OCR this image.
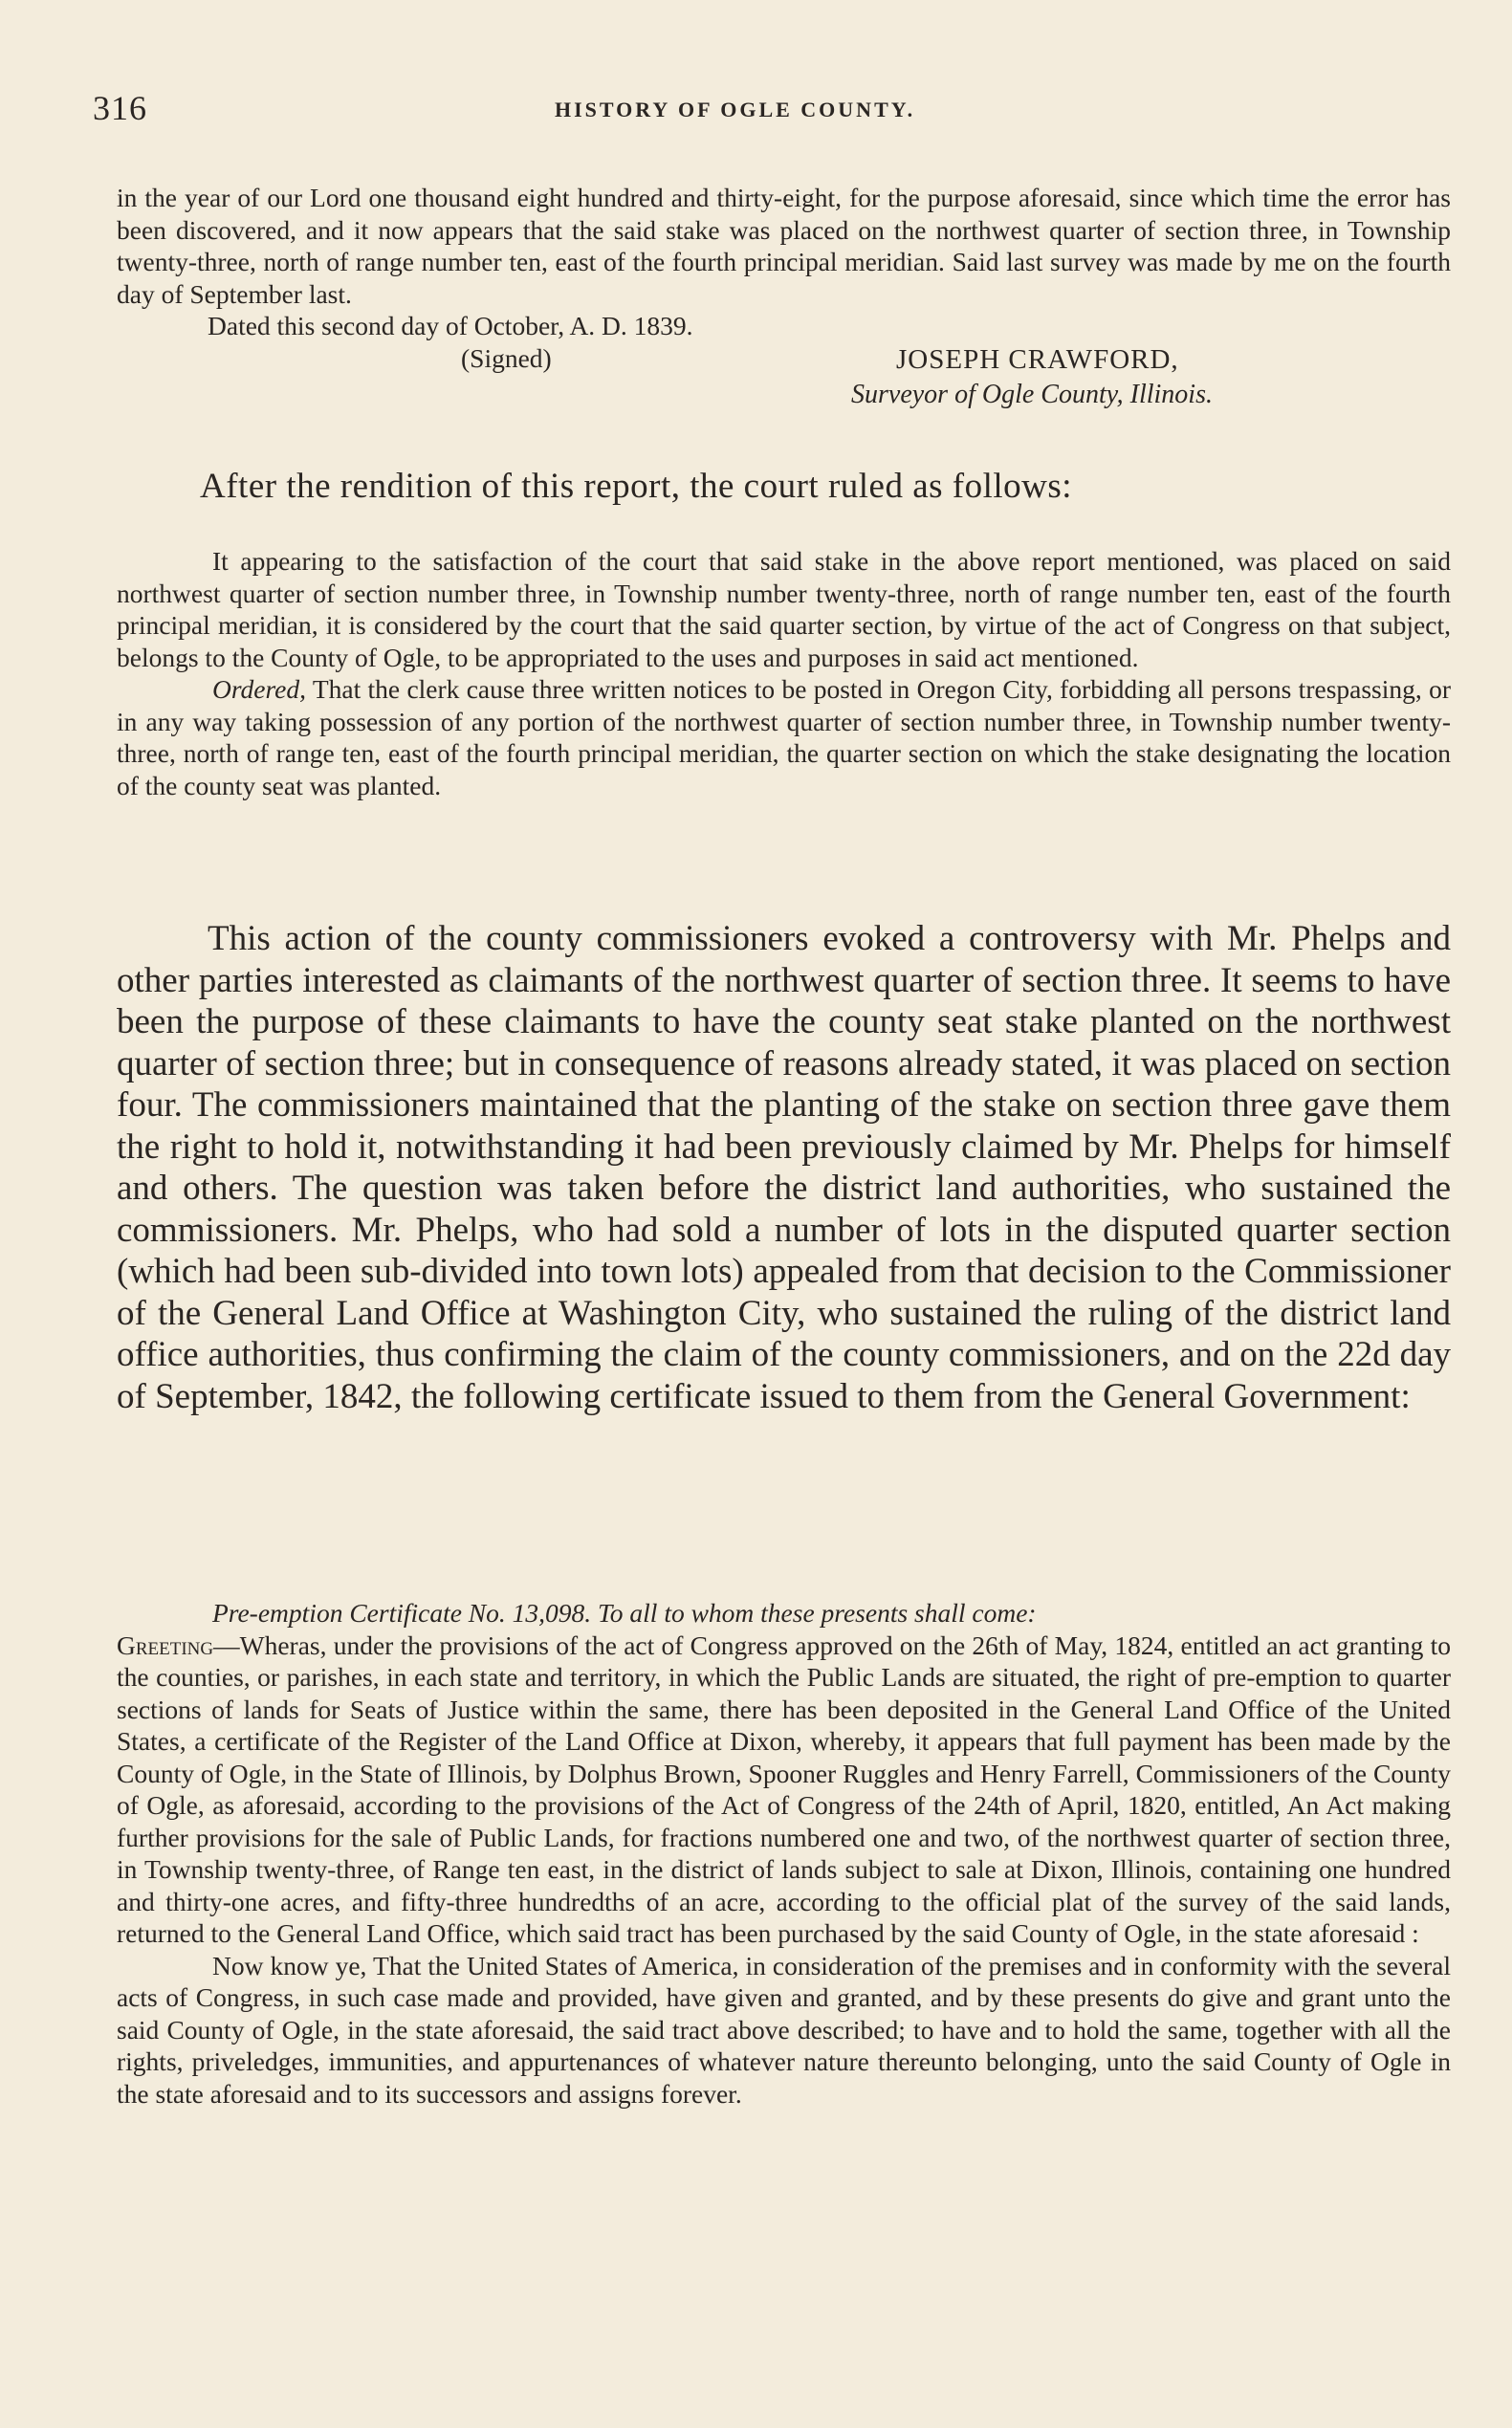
316	HISTORY OF OGLE COUNTY.

in the year of our Lord one thousand eight hundred and thirty-eight, for the purpose aforesaid, since which time the error has been discovered, and it now appears that the said stake was placed on the northwest quarter of section three, in Township twenty-three, north of range number ten, east of the fourth principal meridian. Said last survey was made by me on the fourth day of September last.

Dated this second day of October, A. D. 1839.

(Signed)	JOSEPH CRAWFORD,
Surveyor of Ogle County, Illinois.
After the rendition of this report, the court ruled as follows:

It appearing to the satisfaction of the court that said stake in the above report mentioned, was placed on said northwest quarter of section number three, in Township number twenty-three, north of range number ten, east of the fourth principal meridian, it is considered by the court that the said quarter section, by virtue of the act of Congress on that subject, belongs to the County of Ogle, to be appropriated to the uses and purposes in said act mentioned.

Ordered, That the clerk cause three written notices to be posted in Oregon City, forbidding all persons trespassing, or in any way taking possession of any portion of the northwest quarter of section number three, in Township number twenty-three, north of range ten, east of the fourth principal meridian, the quarter section on which the stake designating the location of the county seat was planted.

This action of the county commissioners evoked a controversy with Mr. Phelps and other parties interested as claimants of the northwest quarter of section three. It seems to have been the purpose of these claimants to have the county seat stake planted on the northwest quarter of section three; but in consequence of reasons already stated, it was placed on section four. The commissioners maintained that the planting of the stake on section three gave them the right to hold it, notwithstanding it had been previously claimed by Mr. Phelps for himself and others. The question was taken before the district land authorities, who sustained the commissioners. Mr. Phelps, who had sold a number of lots in the disputed quarter section (which had been sub-divided into town lots) appealed from that decision to the Commissioner of the General Land Office at Washington City, who sustained the ruling of the district land office authorities, thus confirming the claim of the county commissioners, and on the 22d day of September, 1842, the following certificate issued to them from the General Government:

Pre-emption Certificate No. 13,098. To all to whom these presents shall come:

Greeting—Wheras, under the provisions of the act of Congress approved on the 26th of May, 1824, entitled an act granting to the counties, or parishes, in each state and territory, in which the Public Lands are situated, the right of pre-emption to quarter sections of lands for Seats of Justice within the same, there has been deposited in the General Land Office of the United States, a certificate of the Register of the Land Office at Dixon, whereby, it appears that full payment has been made by the County of Ogle, in the State of Illinois, by Dolphus Brown, Spooner Ruggles and Henry Farrell, Commissioners of the County of Ogle, as aforesaid, according to the provisions of the Act of Congress of the 24th of April, 1820, entitled, An Act making further provisions for the sale of Public Lands, for fractions numbered one and two, of the northwest quarter of section three, in Township twenty-three, of Range ten east, in the district of lands subject to sale at Dixon, Illinois, containing one hundred and thirty-one acres, and fifty-three hundredths of an acre, according to the official plat of the survey of the said lands, returned to the General Land Office, which said tract has been purchased by the said County of Ogle, in the state aforesaid :

Now know ye, That the United States of America, in consideration of the premises and in conformity with the several acts of Congress, in such case made and provided, have given and granted, and by these presents do give and grant unto the said County of Ogle, in the state aforesaid, the said tract above described; to have and to hold the same, together with all the rights, priveledges, immunities, and appurtenances of whatever nature thereunto belonging, unto the said County of Ogle in the state aforesaid and to its successors and assigns forever.
